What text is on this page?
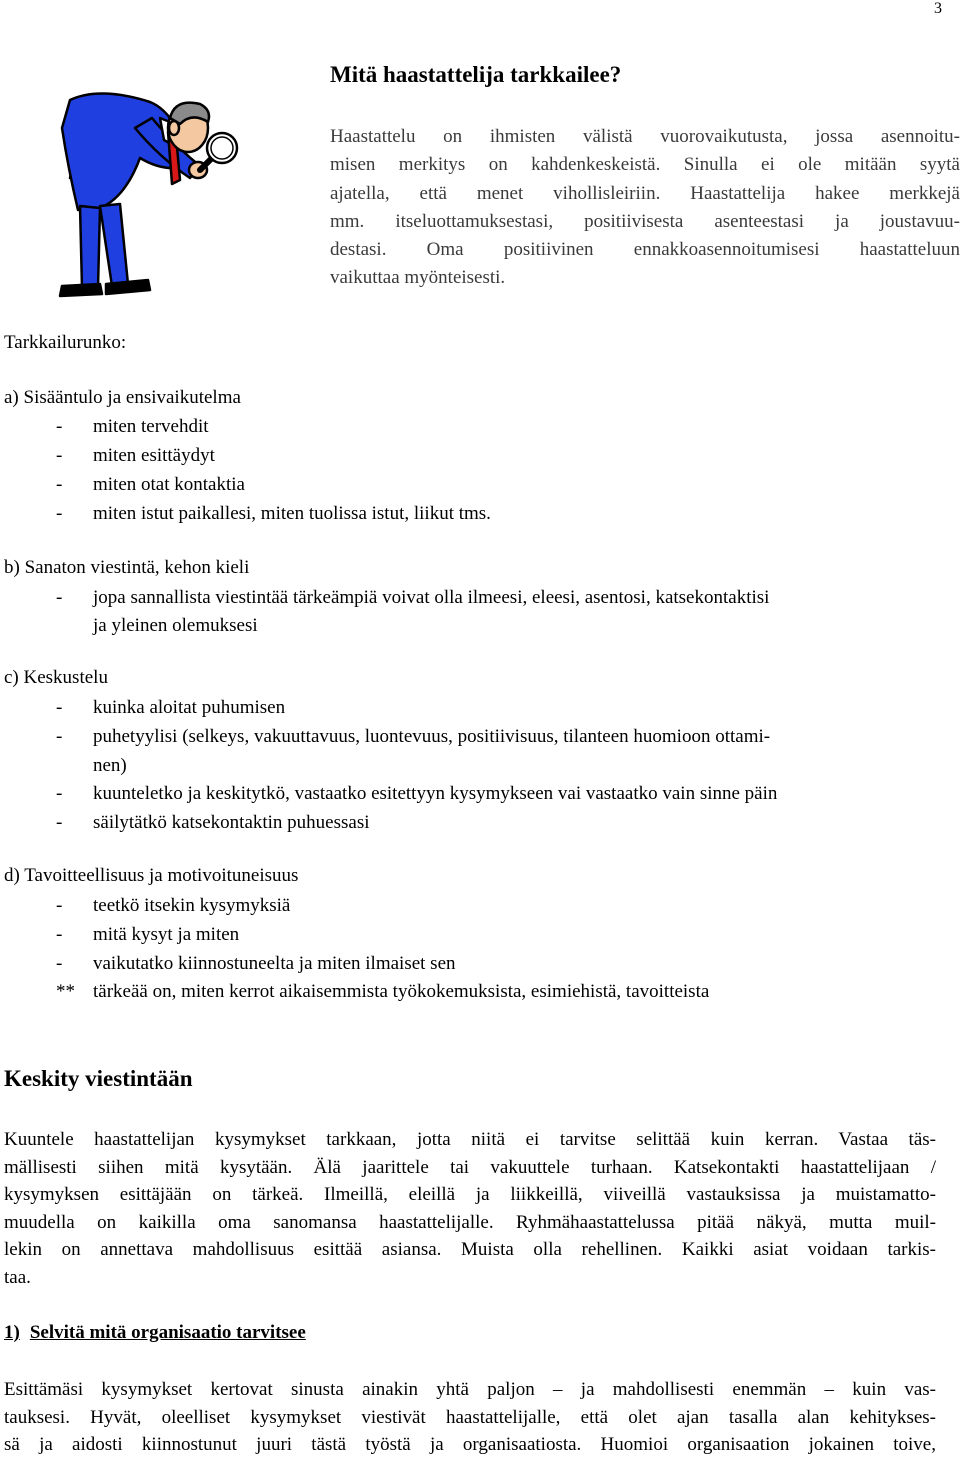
3
Mitä haastattelija tarkkailee?
Haastattelu on ihmisten välistä vuorovaikutusta, jossa asennoitu-
misen merkitys on kahdenkeskeistä. Sinulla ei ole mitään syytä
ajatella, että menet vihollisleiriin. Haastattelija hakee merkkejä
mm. itseluottamuksestasi, positiivisesta asenteestasi ja joustavuu-
destasi. Oma positiivinen ennakkoasennoitumisesi haastatteluun
vaikuttaa myönteisesti.
Tarkkailurunko:
a) Sisääntulo ja ensivaikutelma
- miten tervehdit
- miten esittäydyt
- miten otat kontaktia
- miten istut paikallesi, miten tuolissa istut, liikut tms.
b) Sanaton viestintä, kehon kieli
- jopa sannallista viestintää tärkeämpiä voivat olla ilmeesi, eleesi, asentosi, katsekontaktisi
ja yleinen olemuksesi
c) Keskustelu
- kuinka aloitat puhumisen
- puhetyylisi (selkeys, vakuuttavuus, luontevuus, positiivisuus, tilanteen huomioon ottami-
nen)
- kuunteletko ja keskitytkö, vastaatko esitettyyn kysymykseen vai vastaatko vain sinne päin
- säilytätkö katsekontaktin puhuessasi
d) Tavoitteellisuus ja motivoituneisuus
- teetkö itsekin kysymyksiä
- mitä kysyt ja miten
- vaikutatko kiinnostuneelta ja miten ilmaiset sen
** tärkeää on, miten kerrot aikaisemmista työkokemuksista, esimiehistä, tavoitteista
Keskity viestintään
Kuuntele haastattelijan kysymykset tarkkaan, jotta niitä ei tarvitse selittää kuin kerran. Vastaa täs-
mällisesti siihen mitä kysytään. Älä jaarittele tai vakuuttele turhaan. Katsekontakti haastattelijaan /
kysymyksen esittäjään on tärkeä. Ilmeillä, eleillä ja liikkeillä, viiveillä vastauksissa ja muistamatto-
muudella on kaikilla oma sanomansa haastattelijalle. Ryhmähaastattelussa pitää näkyä, mutta muil-
lekin on annettava mahdollisuus esittää asiansa. Muista olla rehellinen. Kaikki asiat voidaan tarkis-
taa.
1) Selvitä mitä organisaatio tarvitsee
Esittämäsi kysymykset kertovat sinusta ainakin yhtä paljon – ja mahdollisesti enemmän – kuin vas-
tauksesi. Hyvät, oleelliset kysymykset viestivät haastattelijalle, että olet ajan tasalla alan kehitykses-
sä ja aidosti kiinnostunut juuri tästä työstä ja organisaatiosta. Huomioi organisaation jokainen toive,
